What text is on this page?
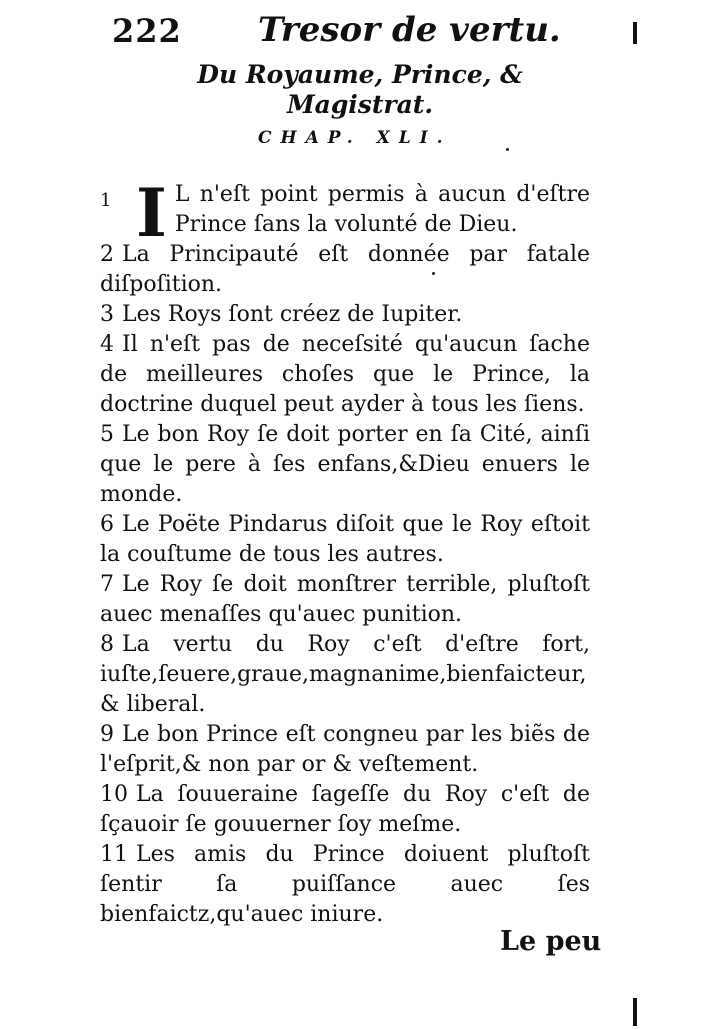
222 Tresor de vertu.
Du Royaume, Prince, &
Magistrat.
CHAP. XLI.
1 I L n'eſt point permis à aucun d'eſtre Prince ſans la volunté de Dieu.
2 La Principauté eſt donnée par fatale diſpoſition.
3 Les Roys ſont créez de Iupiter.
4 Il n'eſt pas de neceſsité qu'aucun ſache de meilleures choſes que le Prince, la doctrine duquel peut ayder à tous les ſiens.
5 Le bon Roy ſe doit porter en ſa Cité, ainſi que le pere à ſes enfans,&Dieu enuers le monde.
6 Le Poëte Pindarus diſoit que le Roy eſtoit la couſtume de tous les autres.
7 Le Roy ſe doit monſtrer terrible, pluſtoſt auec menaſſes qu'auec punition.
8 La vertu du Roy c'eſt d'eſtre fort, iuſte,ſeuere,graue,magnanime,bienfaicteur, & liberal.
9 Le bon Prince eſt congneu par les biẽs de l'eſprit,& non par or & veſtement.
10 La ſouueraine ſageſſe du Roy c'eſt de ſçauoir ſe gouuerner ſoy meſme.
11 Les amis du Prince doiuent pluſtoſt ſentir ſa puiſſance auec ſes bienfaictz,qu'auec iniure.
Le peu
